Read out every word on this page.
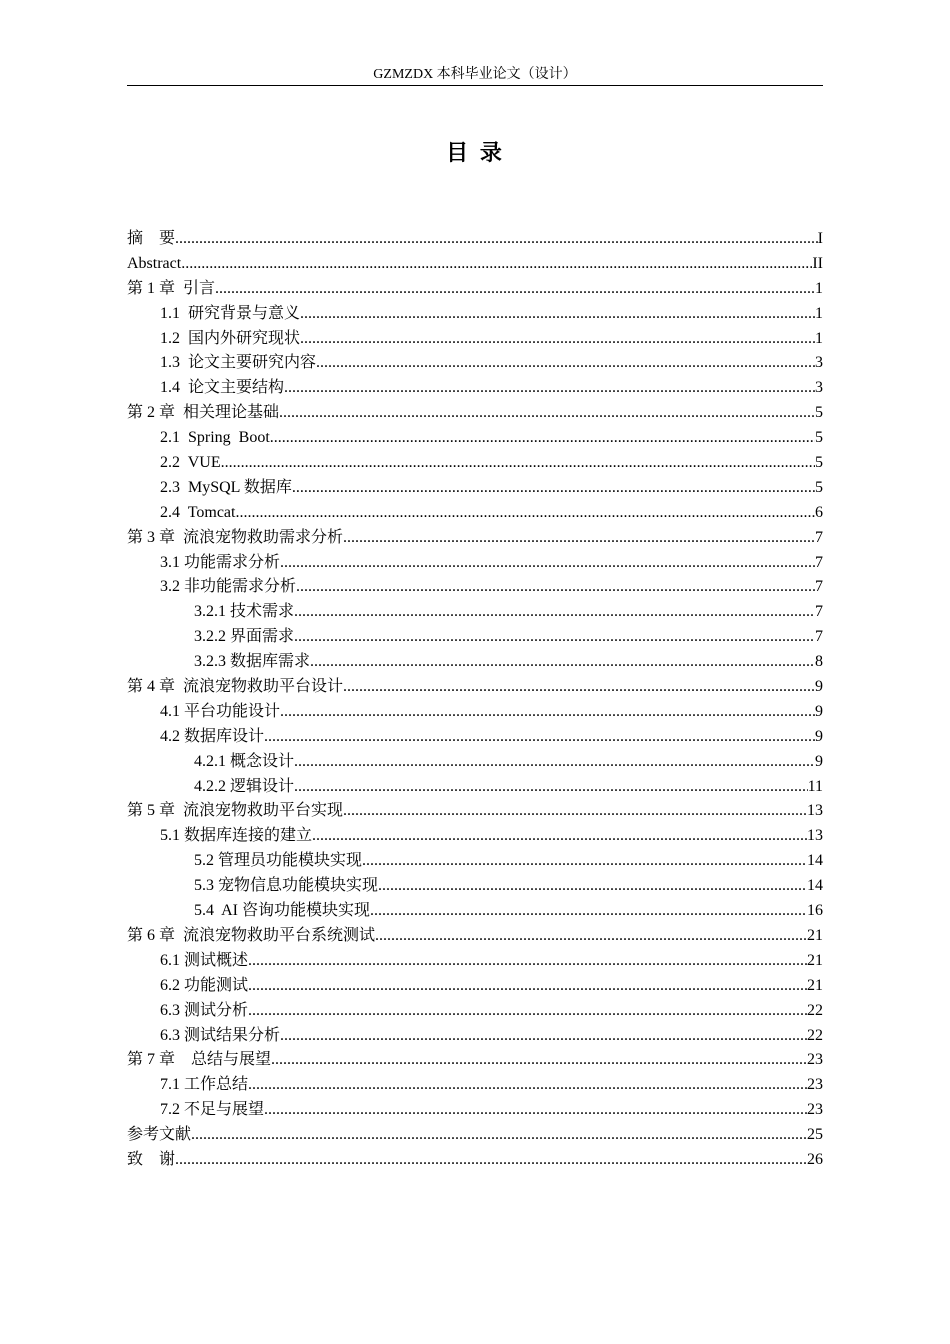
GZMZDX 本科毕业论文（设计）
目 录
摘　要 .....	I
Abstract .....	II
第 1 章  引言 .....	1
1.1  研究背景与意义 .....	1
1.2  国内外研究现状 .....	1
1.3  论文主要研究内容 .....	3
1.4  论文主要结构 .....	3
第 2 章  相关理论基础 .....	5
2.1  Spring  Boot .....	5
2.2  VUE .....	5
2.3  MySQL 数据库 .....	5
2.4  Tomcat .....	6
第 3 章  流浪宠物救助需求分析 .....	7
3.1 功能需求分析 .....	7
3.2 非功能需求分析 .....	7
3.2.1 技术需求 .....	7
3.2.2 界面需求 .....	7
3.2.3 数据库需求 .....	8
第 4 章  流浪宠物救助平台设计 .....	9
4.1 平台功能设计 .....	9
4.2 数据库设计 .....	9
4.2.1 概念设计 .....	9
4.2.2 逻辑设计 .....	11
第 5 章  流浪宠物救助平台实现 .....	13
5.1 数据库连接的建立 .....	13
5.2 管理员功能模块实现 .....	14
5.3 宠物信息功能模块实现 .....	14
5.4  AI 咨询功能模块实现 .....	16
第 6 章  流浪宠物救助平台系统测试 .....	21
6.1 测试概述 .....	21
6.2 功能测试 .....	21
6.3 测试分析 .....	22
6.3 测试结果分析 .....	22
第 7 章　总结与展望 .....	23
7.1 工作总结 .....	23
7.2 不足与展望 .....	23
参考文献 .....	25
致　谢 .....	26
